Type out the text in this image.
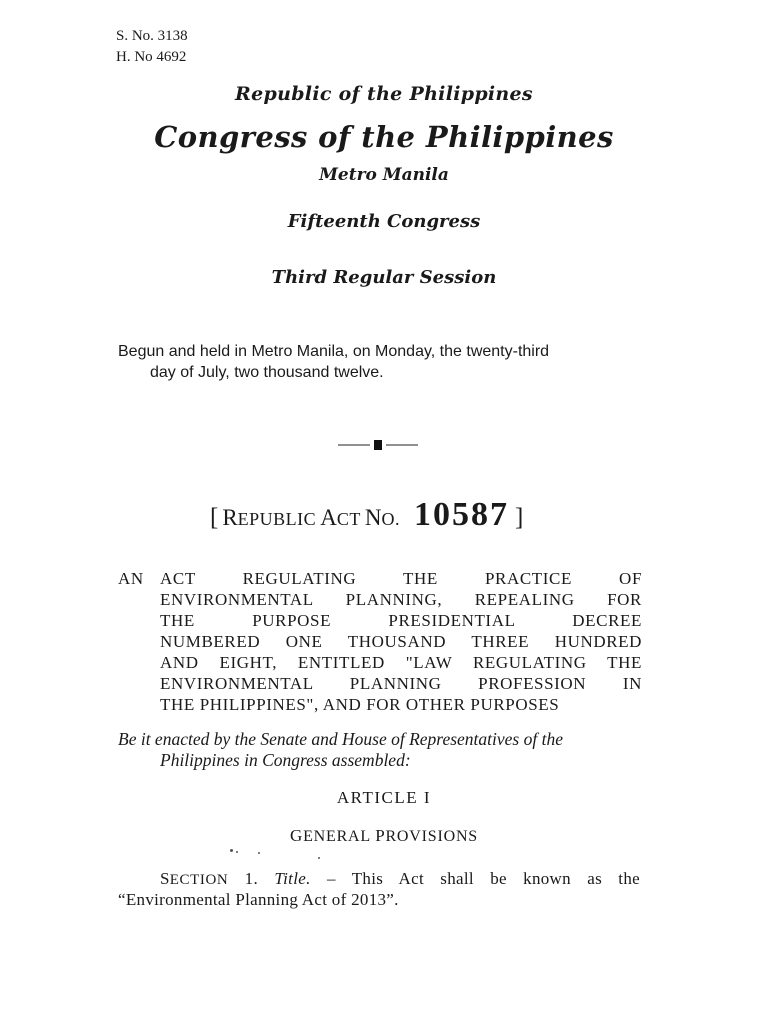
S. No. 3138
H. No 4692
Republic of the Philippines
Congress of the Philippines
Metro Manila
Fifteenth Congress
Third Regular Session
Begun and held in Metro Manila, on Monday, the twenty-third
day of July, two thousand twelve.
[ REPUBLIC ACT NO. 10587 ]
AN ACT REGULATING THE PRACTICE OF
ENVIRONMENTAL PLANNING, REPEALING FOR
THE PURPOSE PRESIDENTIAL DECREE
NUMBERED ONE THOUSAND THREE HUNDRED
AND EIGHT, ENTITLED "LAW REGULATING THE
ENVIRONMENTAL PLANNING PROFESSION IN
THE PHILIPPINES", AND FOR OTHER PURPOSES
Be it enacted by the Senate and House of Representatives of the
Philippines in Congress assembled:
ARTICLE I
GENERAL PROVISIONS
SECTION 1. Title. – This Act shall be known as the
“Environmental Planning Act of 2013”.
